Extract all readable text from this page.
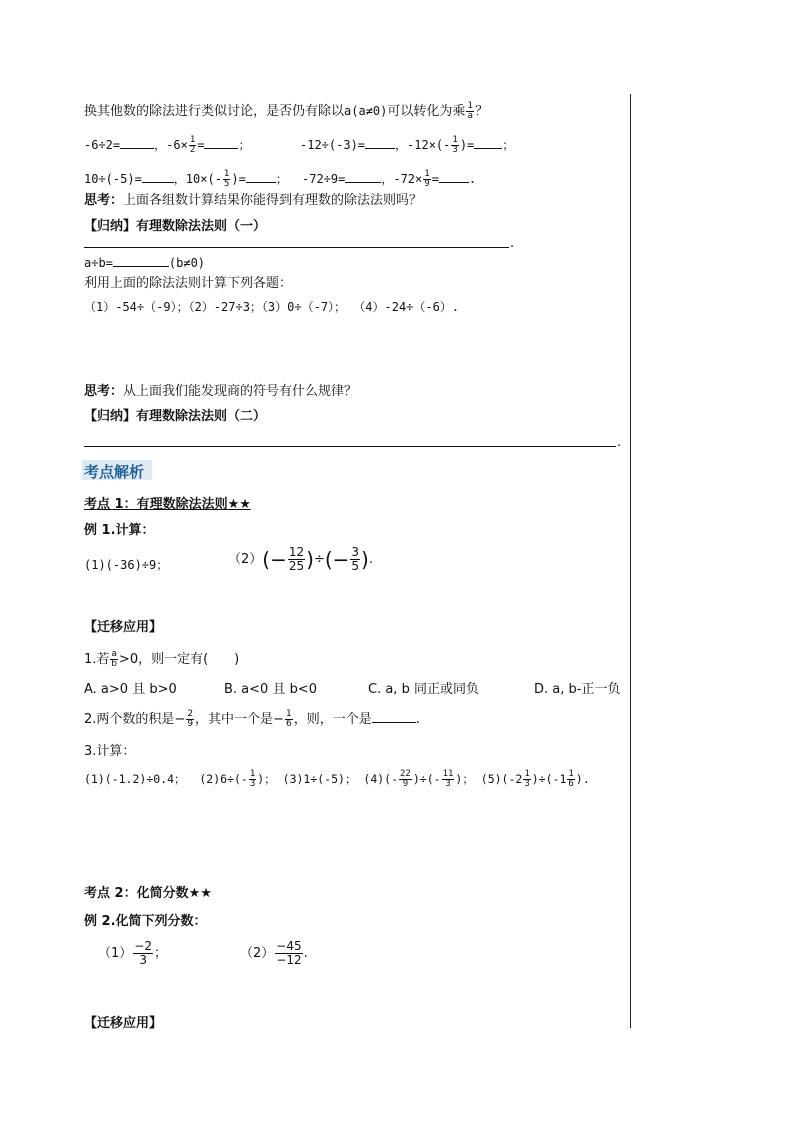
换其他数的除法进行类似讨论，是否仍有除以a(a≠0)可以转化为乘 $\frac{1}{a}$ ？
-6÷2=	，$-6\times \frac{1}{2}$ =	；	-12÷(-3)=	，$-12\times(- \frac{1}{3}$ )= ；
10÷(-5)=	，$10\times(- \frac{1}{5}$ )=	； -72÷9=	，$-72\times \frac{1}{9}$ =	.
思考：上面各组数计算结果你能得到有理数的除法法则吗？
【归纳】有理数除法法则（一）
.
a÷b=	(b≠0)
利用上面的除法法则计算下列各题：
（1）-54÷（-9）；（2）-27÷3；（3）0÷（-7）； （4）-24÷（-6）.
思考：从上面我们能发现商的符号有什么规律？
【归纳】有理数除法法则（二）
.
考点解析
考点 1：有理数除法法则★★
例 1.计算：
(1)(-36)÷9；	$(2)(- \frac{12}{25}$ )÷(− $\frac{3}{5}$ ).
【迁移应用】
1.若 $\frac{a}{b} >0$，则一定有(　　)
A. a>0 且 b>0	B. a<0 且 b<0	C. a, b 同正或同负	D. a, b-正一负
2.两个数的积是− $\frac{2}{9}$ ，其中一个是− $\frac{1}{6}$ ，则，一个是	.
3.计算：
(1)(-1.2)÷0.4； $(2)6\div(- \frac{1}{3}$ )； (3)1÷(-5)； $(4)(- \frac{22}{9}$ )÷(- $\frac{11}{3}$ )； $(5)(-2 \frac{1}{3} )\div(-1 \frac{1}{6}$ ).
考点 2：化简分数★★
例 2.化简下列分数：
$(1) \frac{-2}{3}$ ；	$(2) \frac{-45}{-12}$ .
【迁移应用】
